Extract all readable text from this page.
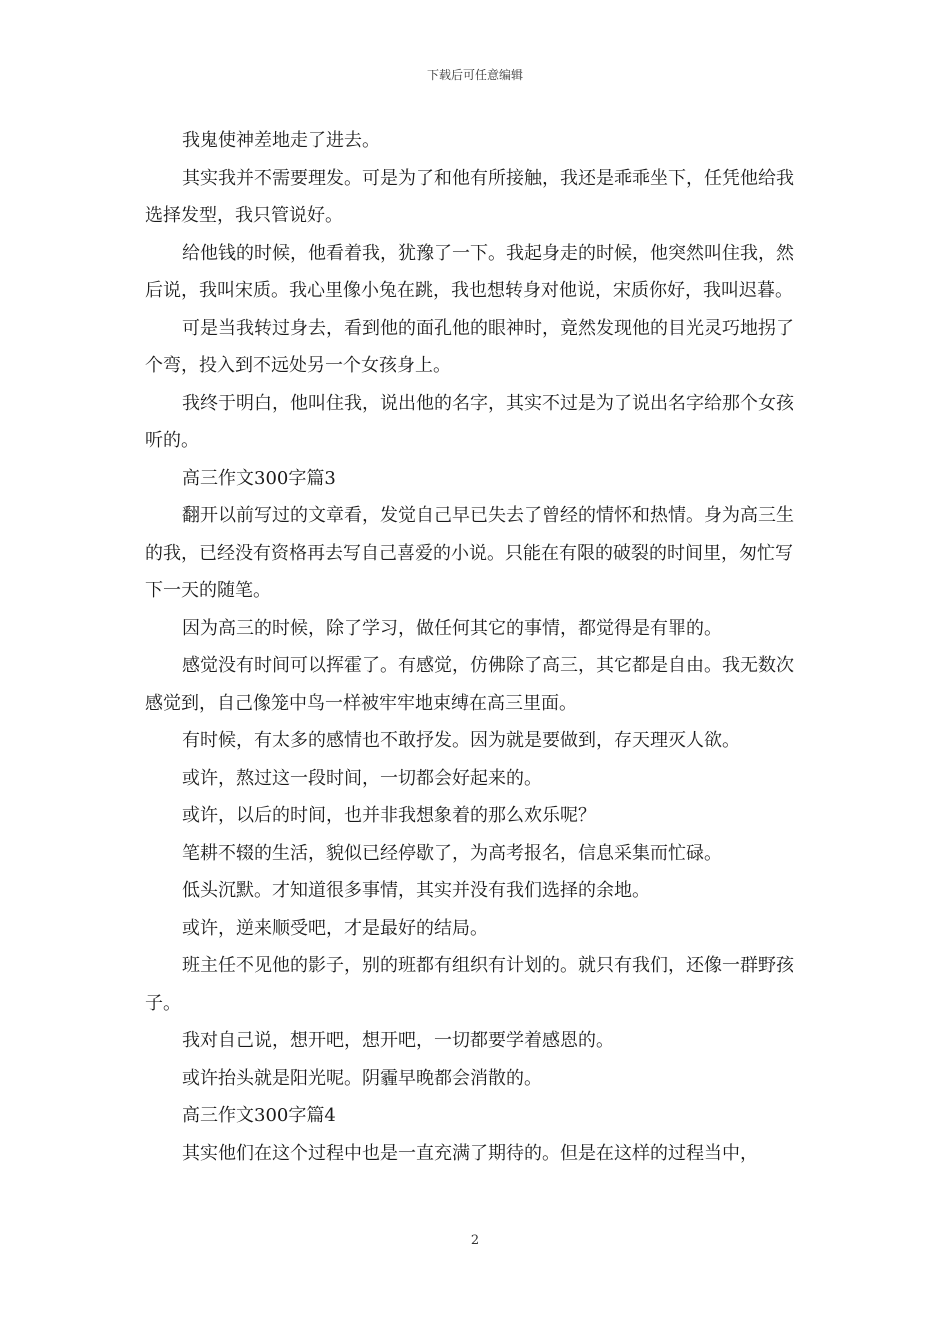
下载后可任意编辑

我鬼使神差地走了进去。

其实我并不需要理发。可是为了和他有所接触，我还是乖乖坐下，任凭他给我选择发型，我只管说好。

给他钱的时候，他看着我，犹豫了一下。我起身走的时候，他突然叫住我，然后说，我叫宋质。我心里像小兔在跳，我也想转身对他说，宋质你好，我叫迟暮。

可是当我转过身去，看到他的面孔他的眼神时，竟然发现他的目光灵巧地拐了个弯，投入到不远处另一个女孩身上。

我终于明白，他叫住我，说出他的名字，其实不过是为了说出名字给那个女孩听的。

高三作文300字篇3

翻开以前写过的文章看，发觉自己早已失去了曾经的情怀和热情。身为高三生的我，已经没有资格再去写自己喜爱的小说。只能在有限的破裂的时间里，匆忙写下一天的随笔。

因为高三的时候，除了学习，做任何其它的事情，都觉得是有罪的。

感觉没有时间可以挥霍了。有感觉，仿佛除了高三，其它都是自由。我无数次感觉到，自己像笼中鸟一样被牢牢地束缚在高三里面。

有时候，有太多的感情也不敢抒发。因为就是要做到，存天理灭人欲。

或许，熬过这一段时间，一切都会好起来的。

或许，以后的时间，也并非我想象着的那么欢乐呢？

笔耕不辍的生活，貌似已经停歇了，为高考报名，信息采集而忙碌。

低头沉默。才知道很多事情，其实并没有我们选择的余地。

或许，逆来顺受吧，才是最好的结局。

班主任不见他的影子，别的班都有组织有计划的。就只有我们，还像一群野孩子。

我对自己说，想开吧，想开吧，一切都要学着感恩的。

或许抬头就是阳光呢。阴霾早晚都会消散的。

高三作文300字篇4

其实他们在这个过程中也是一直充满了期待的。但是在这样的过程当中，

2
